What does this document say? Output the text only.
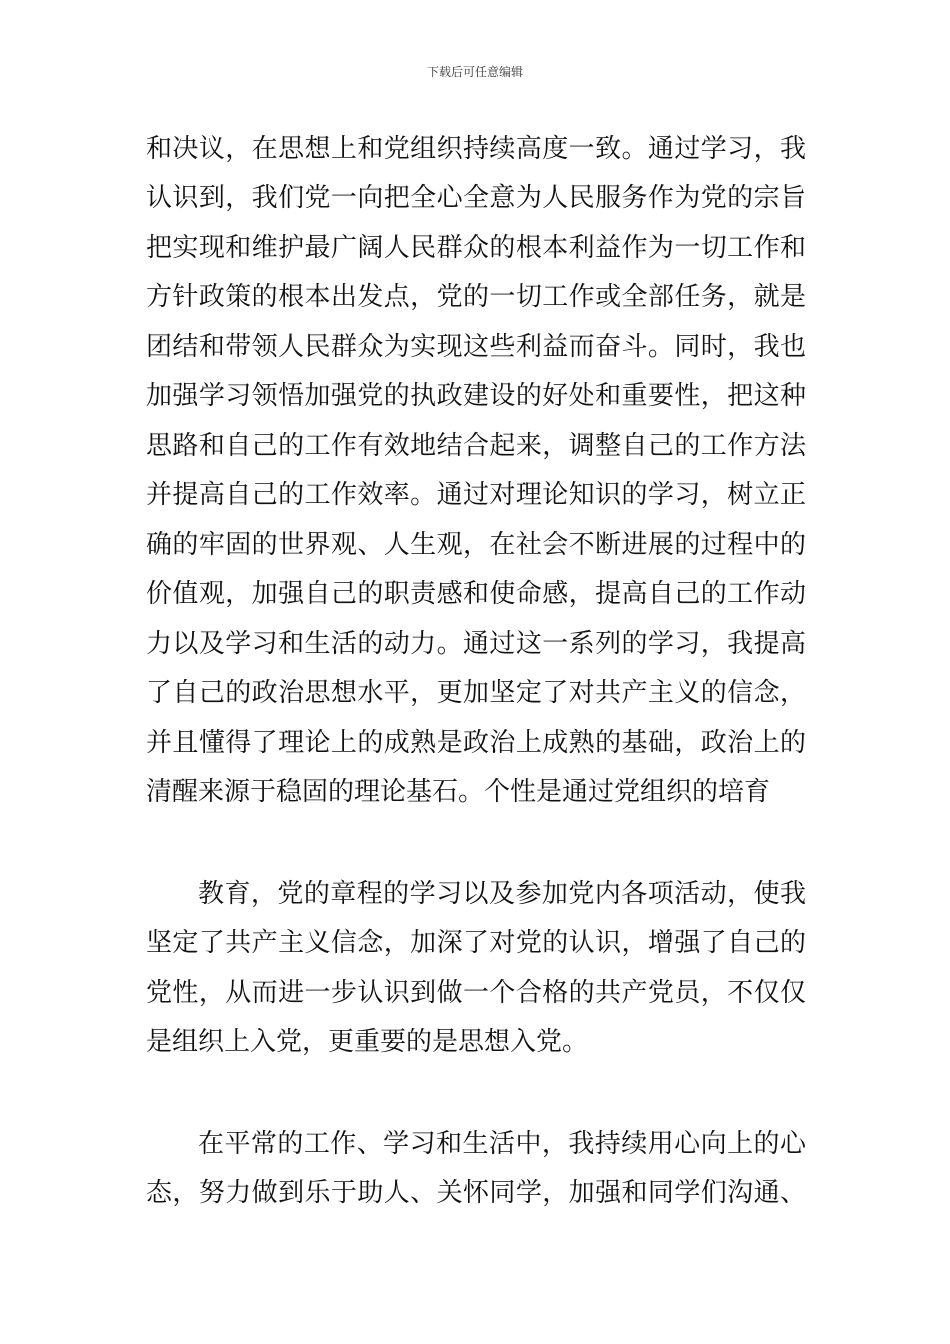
下载后可任意编辑
和决议，在思想上和党组织持续高度一致。通过学习，我
认识到，我们党一向把全心全意为人民服务作为党的宗旨
把实现和维护最广阔人民群众的根本利益作为一切工作和
方针政策的根本出发点，党的一切工作或全部任务，就是
团结和带领人民群众为实现这些利益而奋斗。同时，我也
加强学习领悟加强党的执政建设的好处和重要性，把这种
思路和自己的工作有效地结合起来，调整自己的工作方法
并提高自己的工作效率。通过对理论知识的学习，树立正
确的牢固的世界观、人生观，在社会不断进展的过程中的
价值观，加强自己的职责感和使命感，提高自己的工作动
力以及学习和生活的动力。通过这一系列的学习，我提高
了自己的政治思想水平，更加坚定了对共产主义的信念，
并且懂得了理论上的成熟是政治上成熟的基础，政治上的
清醒来源于稳固的理论基石。个性是通过党组织的培育
教育，党的章程的学习以及参加党内各项活动，使我
坚定了共产主义信念，加深了对党的认识，增强了自己的
党性，从而进一步认识到做一个合格的共产党员，不仅仅
是组织上入党，更重要的是思想入党。
在平常的工作、学习和生活中，我持续用心向上的心
态，努力做到乐于助人、关怀同学，加强和同学们沟通、
